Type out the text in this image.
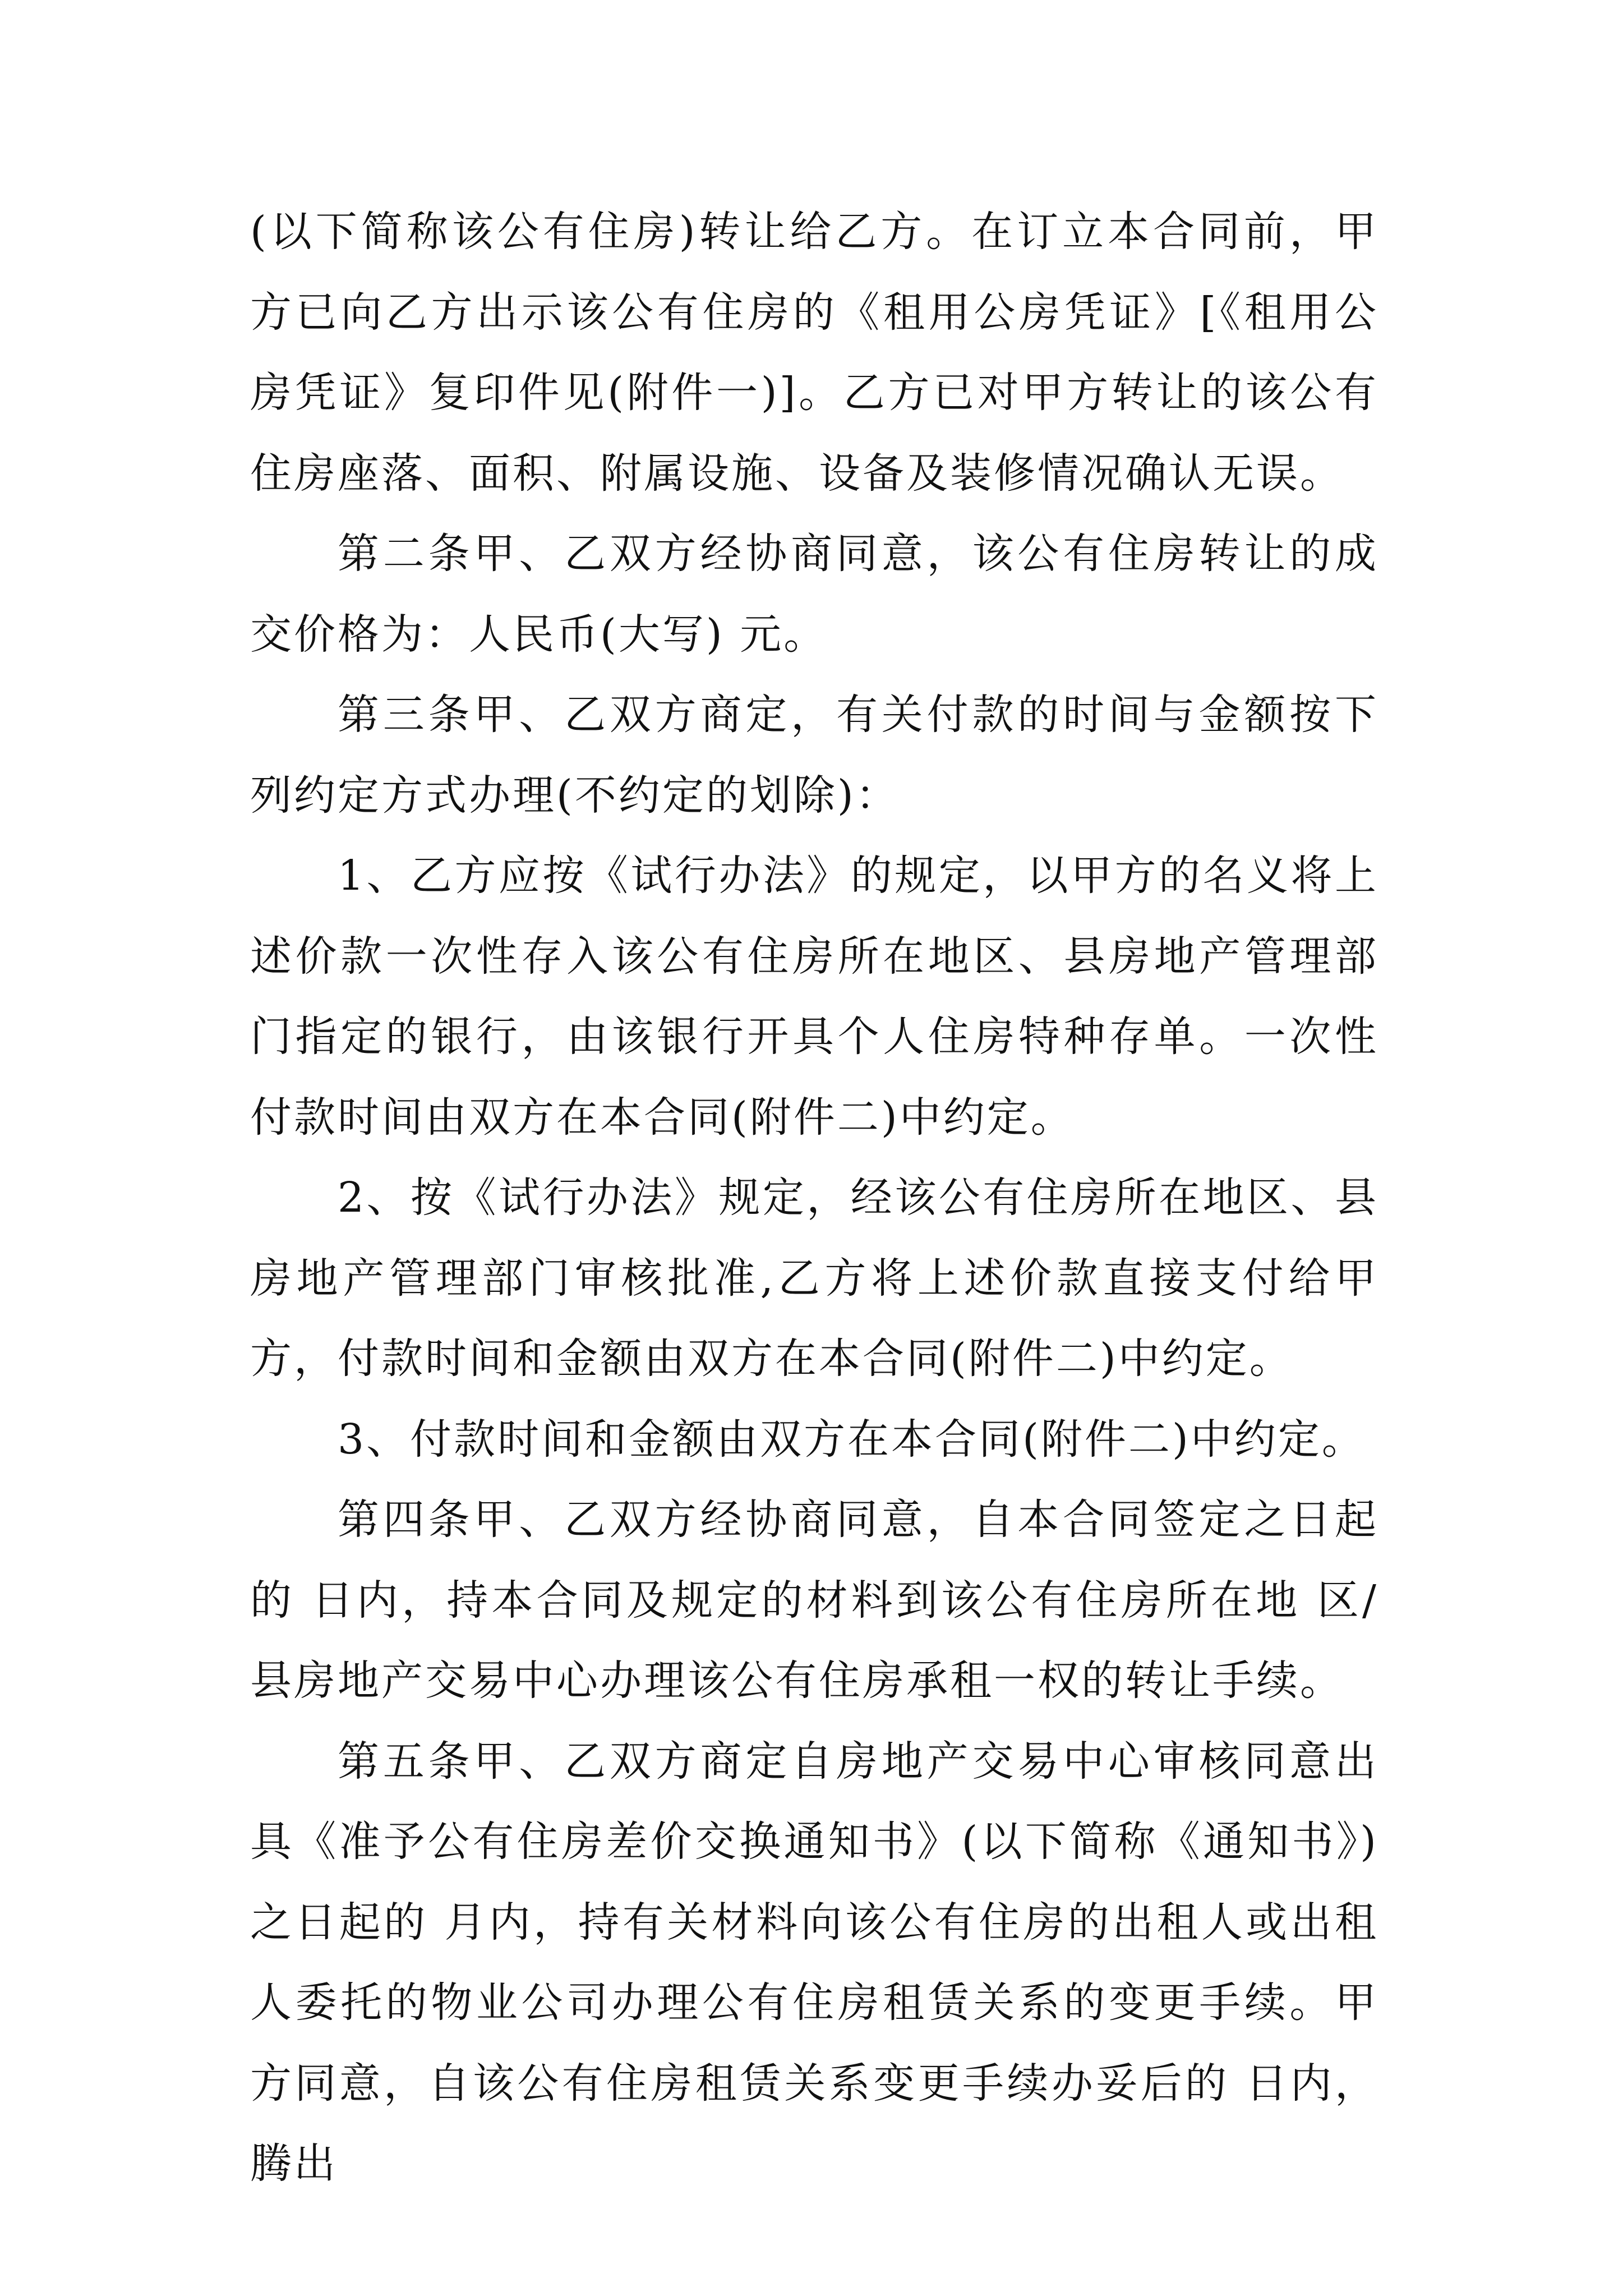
(以下简称该公有住房)转让给乙方。在订立本合同前，甲方已向乙方出示该公有住房的《租用公房凭证》[《租用公房凭证》复印件见(附件一)]。乙方已对甲方转让的该公有住房座落、面积、附属设施、设备及装修情况确认无误。

第二条甲、乙双方经协商同意，该公有住房转让的成交价格为：人民币(大写) 元。

第三条甲、乙双方商定，有关付款的时间与金额按下列约定方式办理(不约定的划除)：

1、乙方应按《试行办法》的规定，以甲方的名义将上述价款一次性存入该公有住房所在地区、县房地产管理部门指定的银行，由该银行开具个人住房特种存单。一次性付款时间由双方在本合同(附件二)中约定。

2、按《试行办法》规定，经该公有住房所在地区、县房地产管理部门审核批准,乙方将上述价款直接支付给甲方，付款时间和金额由双方在本合同(附件二)中约定。

3、付款时间和金额由双方在本合同(附件二)中约定。

第四条甲、乙双方经协商同意，自本合同签定之日起的 日内，持本合同及规定的材料到该公有住房所在地 区/县房地产交易中心办理该公有住房承租一权的转让手续。

第五条甲、乙双方商定自房地产交易中心审核同意出具《准予公有住房差价交换通知书》(以下简称《通知书》)之日起的 月内，持有关材料向该公有住房的出租人或出租人委托的物业公司办理公有住房租赁关系的变更手续。甲方同意，自该公有住房租赁关系变更手续办妥后的 日内，腾出
